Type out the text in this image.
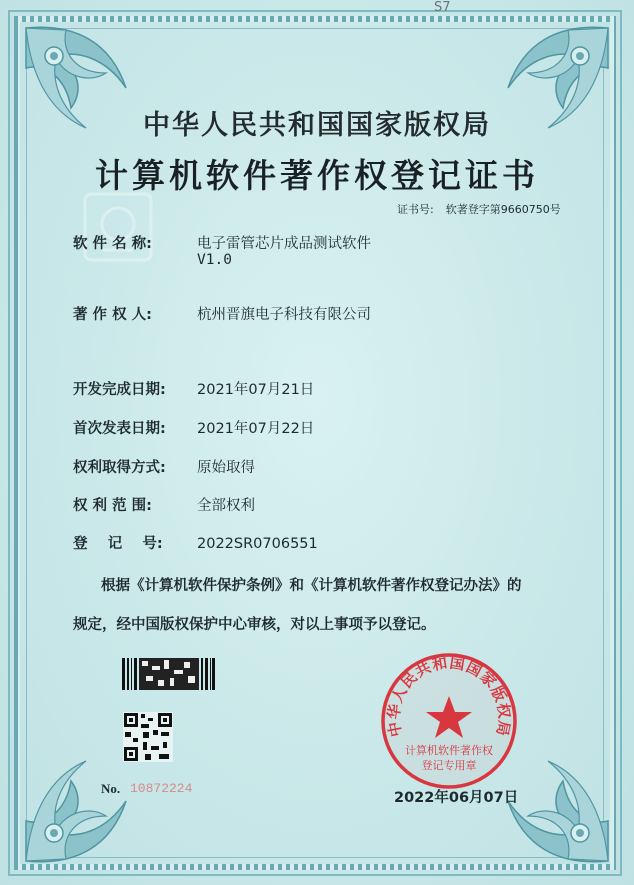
S7
中华人民共和国国家版权局
计算机软件著作权登记证书
证书号: 软著登字第9660750号
软 件 名 称:	电子雷管芯片成品测试软件
V1.0
著 作 权 人:	杭州晋旗电子科技有限公司
开发完成日期: 2021年07月21日
首次发表日期: 2021年07月22日
权利取得方式: 原始取得
权 利 范 围:	全部权利
登    记    号: 2022SR0706551
根据《计算机软件保护条例》和《计算机软件著作权登记办法》的
规定，经中国版权保护中心审核，对以上事项予以登记。
No. 10872224
中华人民共和国国家版权局
计算机软件著作权
登记专用章
2022年06月07日
